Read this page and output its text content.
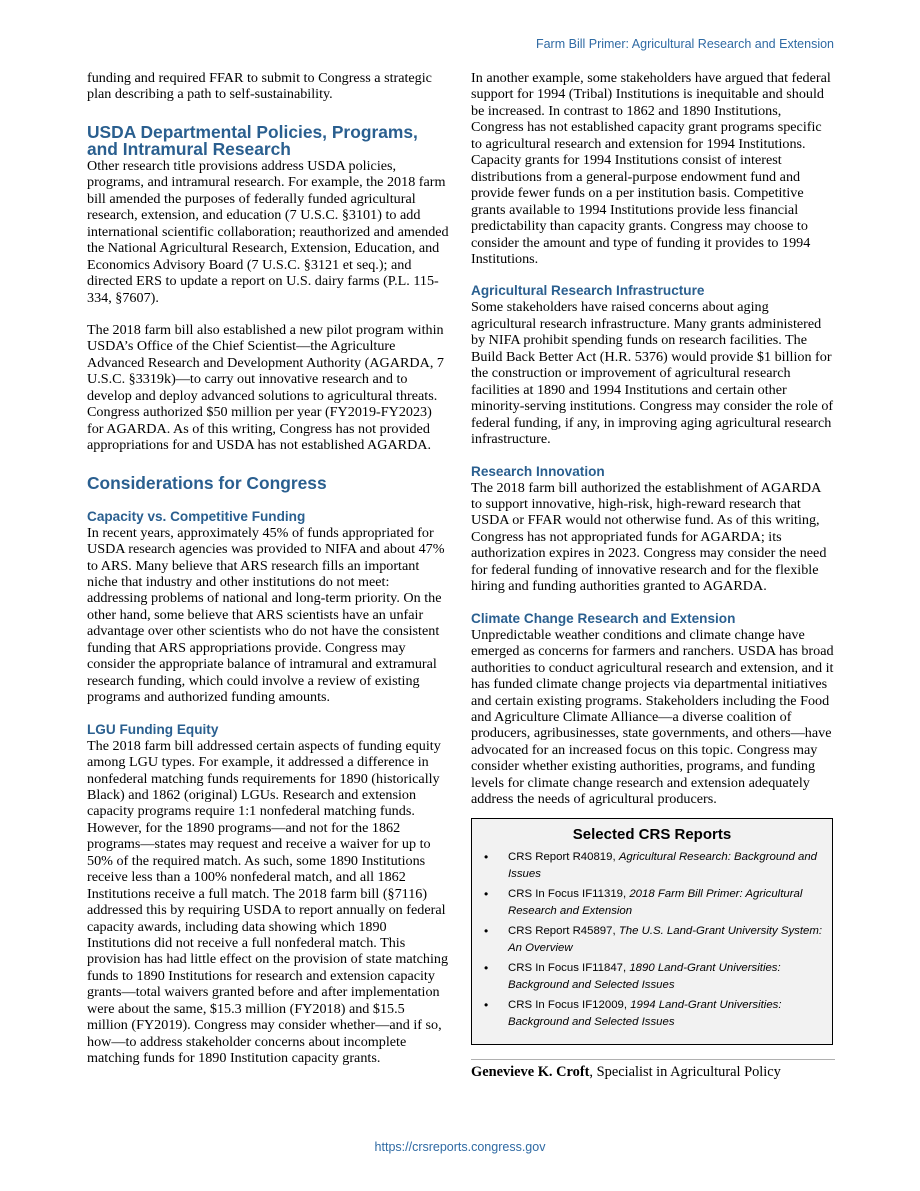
Farm Bill Primer: Agricultural Research and Extension

funding and required FFAR to submit to Congress a strategic plan describing a path to self-sustainability.

USDA Departmental Policies, Programs, and Intramural Research

Other research title provisions address USDA policies, programs, and intramural research. For example, the 2018 farm bill amended the purposes of federally funded agricultural research, extension, and education (7 U.S.C. §3101) to add international scientific collaboration; reauthorized and amended the National Agricultural Research, Extension, Education, and Economics Advisory Board (7 U.S.C. §3121 et seq.); and directed ERS to update a report on U.S. dairy farms (P.L. 115-334, §7607).

The 2018 farm bill also established a new pilot program within USDA’s Office of the Chief Scientist—the Agriculture Advanced Research and Development Authority (AGARDA, 7 U.S.C. §3319k)—to carry out innovative research and to develop and deploy advanced solutions to agricultural threats. Congress authorized $50 million per year (FY2019-FY2023) for AGARDA. As of this writing, Congress has not provided appropriations for and USDA has not established AGARDA.

Considerations for Congress
Capacity vs. Competitive Funding

In recent years, approximately 45% of funds appropriated for USDA research agencies was provided to NIFA and about 47% to ARS. Many believe that ARS research fills an important niche that industry and other institutions do not meet: addressing problems of national and long-term priority. On the other hand, some believe that ARS scientists have an unfair advantage over other scientists who do not have the consistent funding that ARS appropriations provide. Congress may consider the appropriate balance of intramural and extramural research funding, which could involve a review of existing programs and authorized funding amounts.

LGU Funding Equity

The 2018 farm bill addressed certain aspects of funding equity among LGU types. For example, it addressed a difference in nonfederal matching funds requirements for 1890 (historically Black) and 1862 (original) LGUs. Research and extension capacity programs require 1:1 nonfederal matching funds. However, for the 1890 programs—and not for the 1862 programs—states may request and receive a waiver for up to 50% of the required match. As such, some 1890 Institutions receive less than a 100% nonfederal match, and all 1862 Institutions receive a full match. The 2018 farm bill (§7116) addressed this by requiring USDA to report annually on federal capacity awards, including data showing which 1890 Institutions did not receive a full nonfederal match. This provision has had little effect on the provision of state matching funds to 1890 Institutions for research and extension capacity grants—total waivers granted before and after implementation were about the same, $15.3 million (FY2018) and $15.5 million (FY2019). Congress may consider whether—and if so, how—to address stakeholder concerns about incomplete matching funds for 1890 Institution capacity grants.

In another example, some stakeholders have argued that federal support for 1994 (Tribal) Institutions is inequitable and should be increased. In contrast to 1862 and 1890 Institutions, Congress has not established capacity grant programs specific to agricultural research and extension for 1994 Institutions. Capacity grants for 1994 Institutions consist of interest distributions from a general-purpose endowment fund and provide fewer funds on a per institution basis. Competitive grants available to 1994 Institutions provide less financial predictability than capacity grants. Congress may choose to consider the amount and type of funding it provides to 1994 Institutions.

Agricultural Research Infrastructure

Some stakeholders have raised concerns about aging agricultural research infrastructure. Many grants administered by NIFA prohibit spending funds on research facilities. The Build Back Better Act (H.R. 5376) would provide $1 billion for the construction or improvement of agricultural research facilities at 1890 and 1994 Institutions and certain other minority-serving institutions. Congress may consider the role of federal funding, if any, in improving aging agricultural research infrastructure.

Research Innovation

The 2018 farm bill authorized the establishment of AGARDA to support innovative, high-risk, high-reward research that USDA or FFAR would not otherwise fund. As of this writing, Congress has not appropriated funds for AGARDA; its authorization expires in 2023. Congress may consider the need for federal funding of innovative research and for the flexible hiring and funding authorities granted to AGARDA.

Climate Change Research and Extension

Unpredictable weather conditions and climate change have emerged as concerns for farmers and ranchers. USDA has broad authorities to conduct agricultural research and extension, and it has funded climate change projects via departmental initiatives and certain existing programs. Stakeholders including the Food and Agriculture Climate Alliance—a diverse coalition of producers, agribusinesses, state governments, and others—have advocated for an increased focus on this topic. Congress may consider whether existing authorities, programs, and funding levels for climate change research and extension adequately address the needs of agricultural producers.

Selected CRS Reports
• CRS Report R40819, Agricultural Research: Background and Issues
• CRS In Focus IF11319, 2018 Farm Bill Primer: Agricultural Research and Extension
• CRS Report R45897, The U.S. Land-Grant University System: An Overview
• CRS In Focus IF11847, 1890 Land-Grant Universities: Background and Selected Issues
• CRS In Focus IF12009, 1994 Land-Grant Universities: Background and Selected Issues
Genevieve K. Croft, Specialist in Agricultural Policy
https://crsreports.congress.gov
